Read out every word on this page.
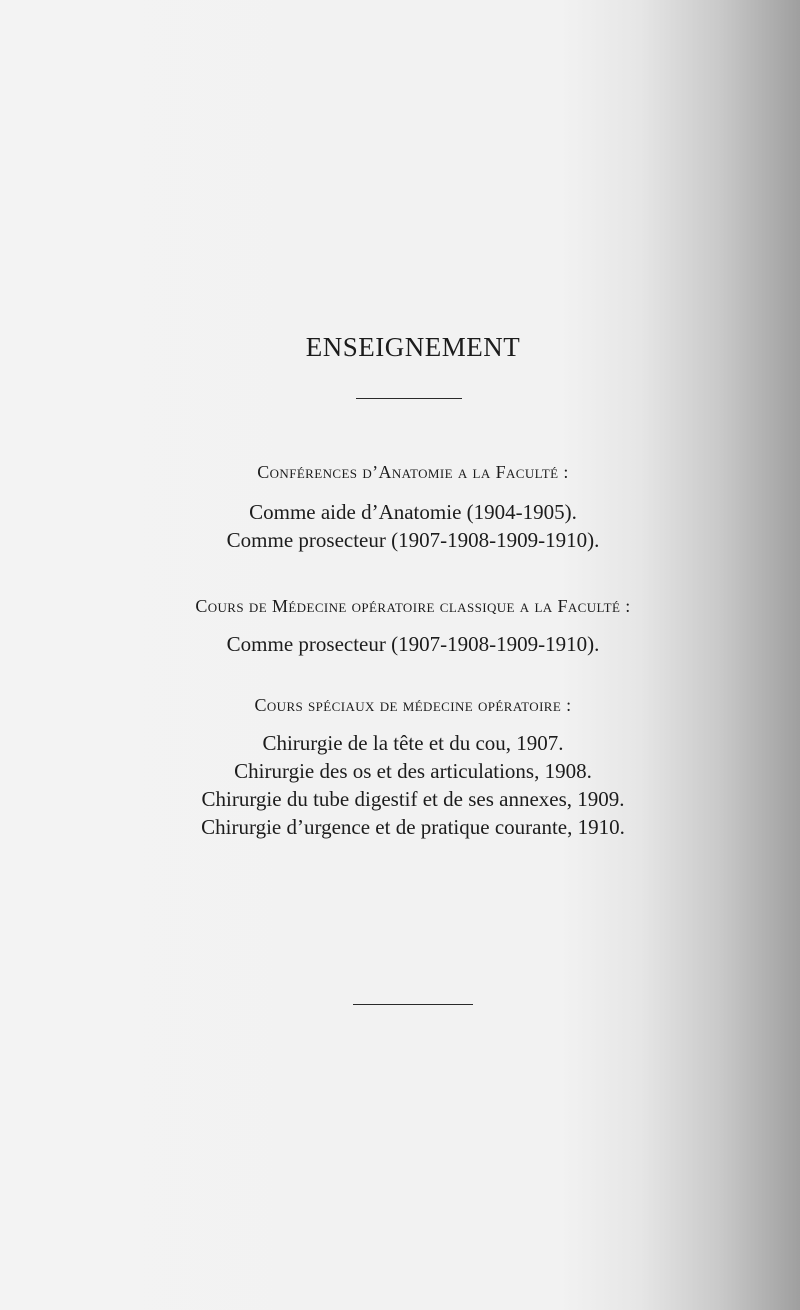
ENSEIGNEMENT
Conférences d’Anatomie a la Faculté :
Comme aide d’Anatomie (1904-1905).
Comme prosecteur (1907-1908-1909-1910).
Cours de Médecine opératoire classique a la Faculté :
Comme prosecteur (1907-1908-1909-1910).
Cours spéciaux de médecine opératoire :
Chirurgie de la tête et du cou, 1907.
Chirurgie des os et des articulations, 1908.
Chirurgie du tube digestif et de ses annexes, 1909.
Chirurgie d’urgence et de pratique courante, 1910.
